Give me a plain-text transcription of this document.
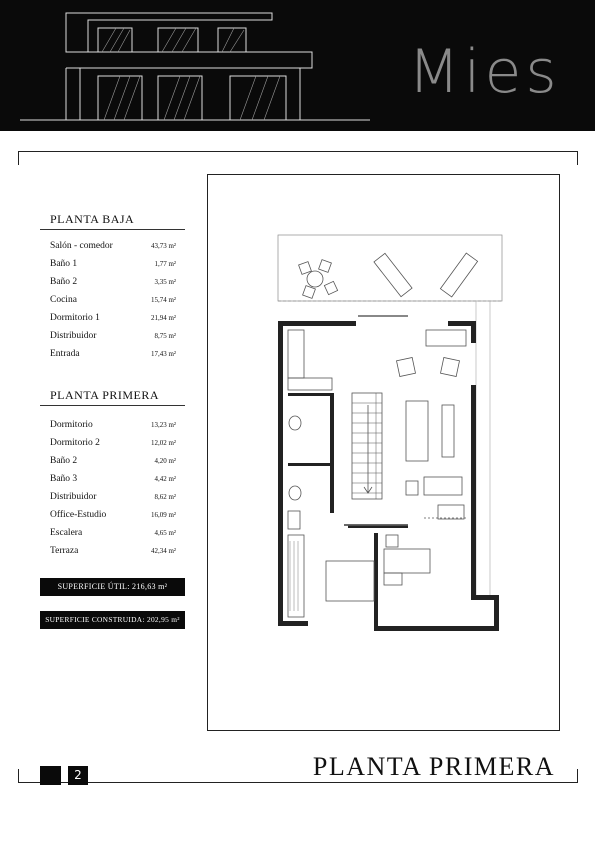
Mies
PLANTA BAJA
Salón - comedor	43,73 m²
Baño 1	1,77 m²
Baño 2	3,35 m²
Cocina	15,74 m²
Dormitorio 1	21,94 m²
Distribuidor	8,75 m²
Entrada	17,43 m²
PLANTA PRIMERA
Dormitorio	13,23 m²
Dormitorio 2	12,02 m²
Baño 2	4,20 m²
Baño 3	4,42 m²
Distribuidor	8,62 m²
Office-Estudio	16,09 m²
Escalera	4,65 m²
Terraza	42,34 m²
SUPERFICIE ÚTIL: 216,63 m²
SUPERFICIE CONSTRUIDA: 202,95 m²
2	PLANTA PRIMERA
